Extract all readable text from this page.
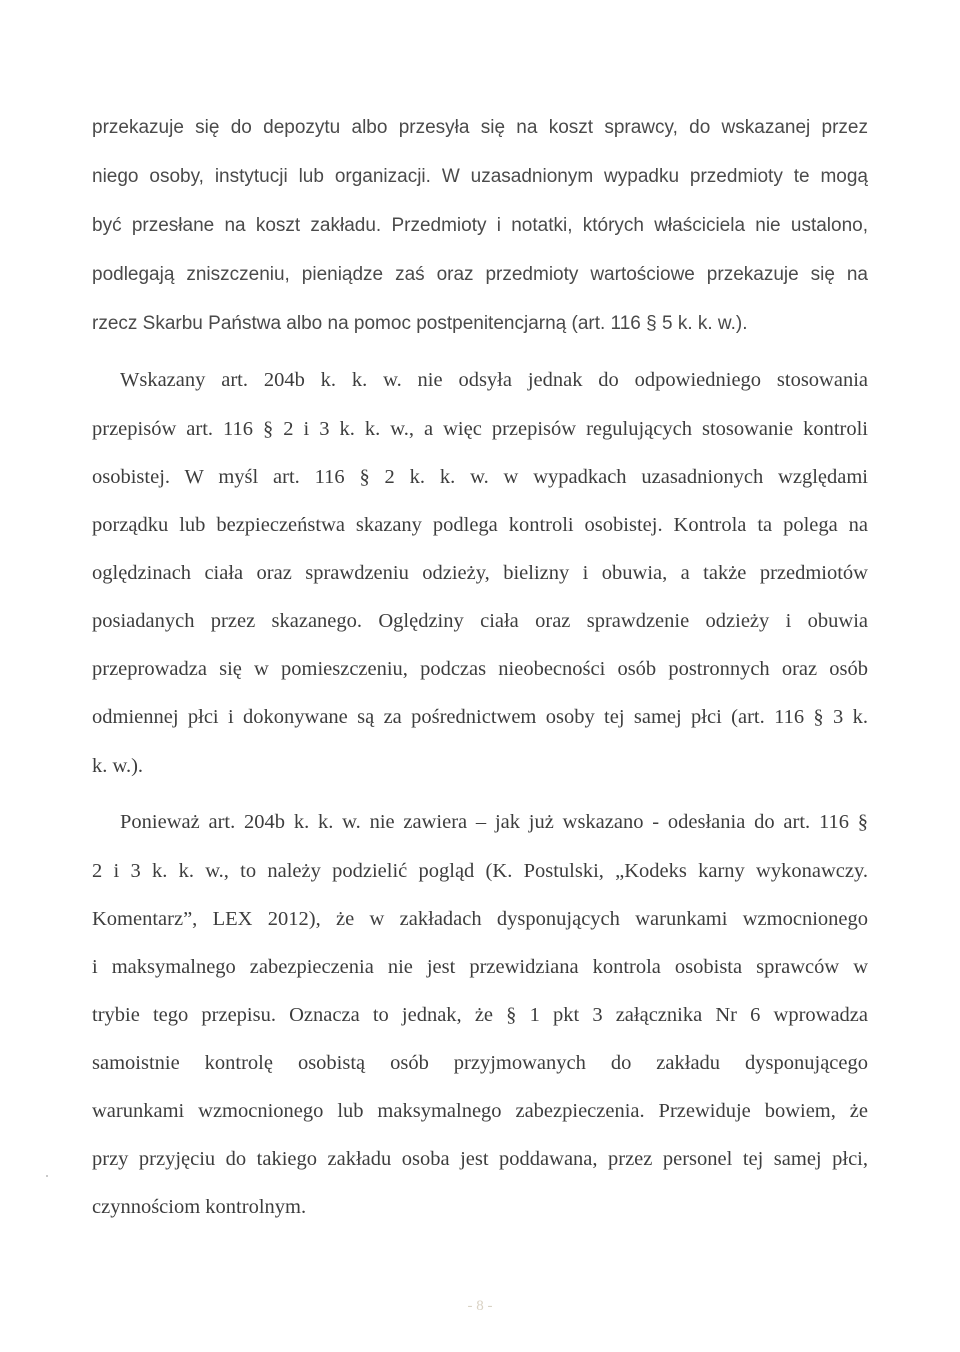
przekazuje się do depozytu albo przesyła się na koszt sprawcy, do wskazanej przez
niego osoby, instytucji lub organizacji. W uzasadnionym wypadku przedmioty te mogą
być przesłane na koszt zakładu. Przedmioty i notatki, których właściciela nie ustalono,
podlegają zniszczeniu, pieniądze zaś oraz przedmioty wartościowe przekazuje się na
rzecz Skarbu Państwa albo na pomoc postpenitencjarną (art. 116 § 5 k. k. w.).
Wskazany art. 204b k. k. w. nie odsyła jednak do odpowiedniego stosowania
przepisów art. 116 § 2 i 3 k. k. w., a więc przepisów regulujących stosowanie kontroli
osobistej. W myśl art. 116 § 2 k. k. w. w wypadkach uzasadnionych względami
porządku lub bezpieczeństwa skazany podlega kontroli osobistej. Kontrola ta polega na
oględzinach ciała oraz sprawdzeniu odzieży, bielizny i obuwia, a także przedmiotów
posiadanych przez skazanego. Oględziny ciała oraz sprawdzenie odzieży i obuwia
przeprowadza się w pomieszczeniu, podczas nieobecności osób postronnych oraz osób
odmiennej płci i dokonywane są za pośrednictwem osoby tej samej płci (art. 116 § 3 k.
k. w.).
Ponieważ art. 204b k. k. w. nie zawiera – jak już wskazano - odesłania do art. 116 §
2 i 3 k. k. w., to należy podzielić pogląd (K. Postulski, „Kodeks karny wykonawczy.
Komentarz”, LEX 2012), że w zakładach dysponujących warunkami wzmocnionego
i maksymalnego zabezpieczenia nie jest przewidziana kontrola osobista sprawców w
trybie tego przepisu. Oznacza to jednak, że § 1 pkt 3 załącznika Nr 6 wprowadza
samoistnie kontrolę osobistą osób przyjmowanych do zakładu dysponującego
warunkami wzmocnionego lub maksymalnego zabezpieczenia. Przewiduje bowiem, że
przy przyjęciu do takiego zakładu osoba jest poddawana, przez personel tej samej płci,
czynnościom kontrolnym.
- 8 -
